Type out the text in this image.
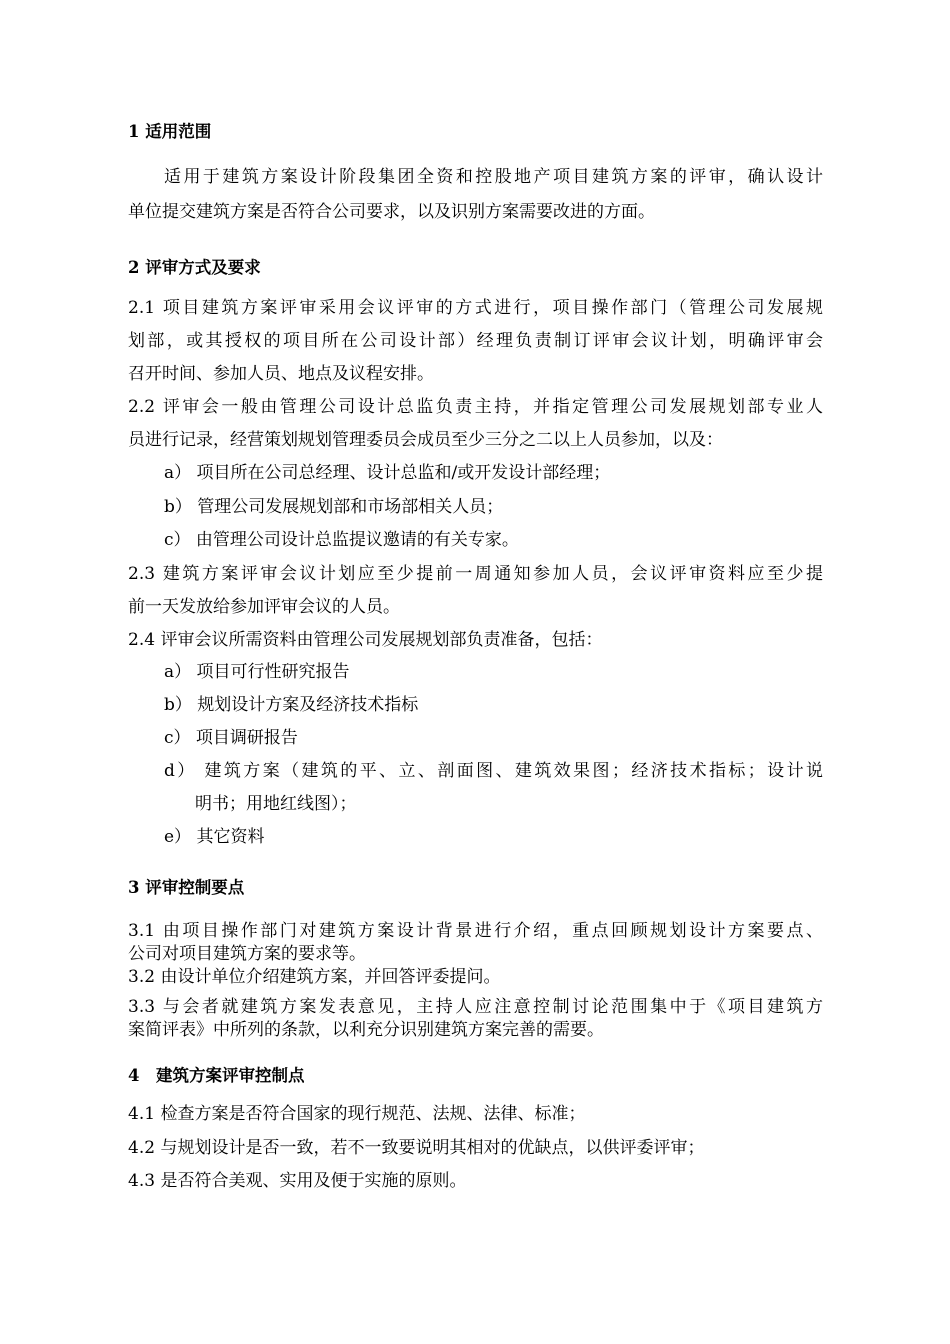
1 适用范围

适用于建筑方案设计阶段集团全资和控股地产项目建筑方案的评审，确认设计

单位提交建筑方案是否符合公司要求，以及识别方案需要改进的方面。

2 评审方式及要求

2.1 项目建筑方案评审采用会议评审的方式进行，项目操作部门（管理公司发展规

划部，或其授权的项目所在公司设计部）经理负责制订评审会议计划，明确评审会

召开时间、参加人员、地点及议程安排。

2.2 评审会一般由管理公司设计总监负责主持，并指定管理公司发展规划部专业人

员进行记录，经营策划规划管理委员会成员至少三分之二以上人员参加，以及：

a） 项目所在公司总经理、设计总监和/或开发设计部经理；

b） 管理公司发展规划部和市场部相关人员；

c） 由管理公司设计总监提议邀请的有关专家。

2.3 建筑方案评审会议计划应至少提前一周通知参加人员，会议评审资料应至少提

前一天发放给参加评审会议的人员。

2.4 评审会议所需资料由管理公司发展规划部负责准备，包括：

a） 项目可行性研究报告

b） 规划设计方案及经济技术指标

c） 项目调研报告

d） 建筑方案（建筑的平、立、剖面图、建筑效果图；经济技术指标；设计说

明书；用地红线图）；

e） 其它资料

3 评审控制要点

3.1 由项目操作部门对建筑方案设计背景进行介绍，重点回顾规划设计方案要点、

公司对项目建筑方案的要求等。

3.2 由设计单位介绍建筑方案，并回答评委提问。

3.3 与会者就建筑方案发表意见，主持人应注意控制讨论范围集中于《项目建筑方

案简评表》中所列的条款，以利充分识别建筑方案完善的需要。

4　建筑方案评审控制点

4.1 检查方案是否符合国家的现行规范、法规、法律、标准；

4.2 与规划设计是否一致，若不一致要说明其相对的优缺点，以供评委评审；

4.3 是否符合美观、实用及便于实施的原则。
